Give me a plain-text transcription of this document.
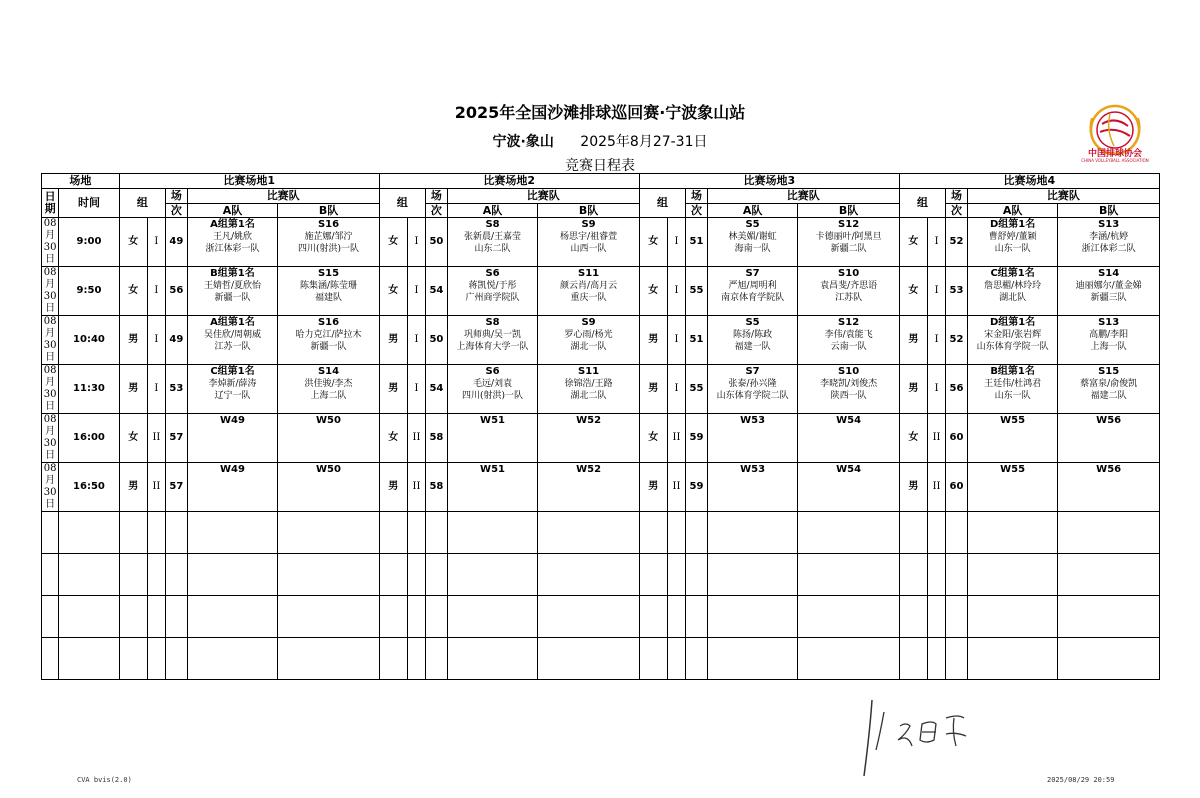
2025年全国沙滩排球巡回赛·宁波象山站
宁波·象山 2025年8月27-31日
竞赛日程表
中国排球协会
CHINA VOLLEYBALL ASSOCIATION
场地		比赛场地1					比赛场地2					比赛场地3					比赛场地4				
日
期	时间	组		场	比赛队		组		场	比赛队		组		场	比赛队		组		场	比赛队	
				次	A队	B队			次	A队	B队			次	A队	B队			次	A队	B队
08
月
30
日	9:00	女	I	49	A组第1名
王凡/姚欣
浙江体彩一队	S16
施芷娜/邹泞
四川(射洪)一队	女	I	50	S8
张新晨/王嘉莹
山东二队	S9
杨思宇/祖睿萱
山西一队	女	I	51	S5
林美媚/谢虹
海南一队	S12
卡德丽叶/阿黑旦
新疆二队	女	I	52	D组第1名
曹舒婷/董颖
山东一队	S13
李涵/杭婷
浙江体彩二队

08
月
30
日	9:50	女	I	56	B组第1名
王婧哲/夏欣怡
新疆一队	S15
陈集涵/陈莹珊
福建队	女	I	54	S6
蒋凯悦/于彤
广州商学院队	S11
颜云肖/高月云
重庆一队	女	I	55	S7
严旭/周明利
南京体育学院队	S10
袁昌斐/齐思语
江苏队	女	I	53	C组第1名
詹思楣/林玲玲
湖北队	S14
迪丽娜尔/董金娣
新疆三队

08
月
30
日	10:40	男	I	49	A组第1名
吴佳欣/周朝威
江苏一队	S16
哈力克江/萨拉木
新疆一队	男	I	50	S8
巩师典/吴一凯
上海体育大学一队	S9
罗心雨/杨光
湖北一队	男	I	51	S5
陈扬/陈政
福建一队	S12
李伟/袁能飞
云南一队	男	I	52	D组第1名
宋金阳/张岩辉
山东体育学院一队	S13
高鹏/李阳
上海一队

08
月
30
日	11:30	男	I	53	C组第1名
李焯新/薛涛
辽宁一队	S14
洪佳骏/李杰
上海二队	男	I	54	S6
毛远/刘袁
四川(射洪)一队	S11
徐锦浩/王路
湖北二队	男	I	55	S7
张泰/孙兴隆
山东体育学院二队	S10
李晓凯/刘俊杰
陕西一队	男	I	56	B组第1名
王廷伟/杜鸿君
山东一队	S15
蔡富泉/俞俊凯
福建二队

08
月
30
日	16:00	女	II	57	W49	W50	女	II	58	W51	W52	女	II	59	W53	W54	女	II	60	W55	W56

08
月
30
日	16:50	男	II	57	W49	W50	男	II	58	W51	W52	男	II	59	W53	W54	男	II	60	W55	W56

CVA bvis(2.0)	2025/08/29 20:59
